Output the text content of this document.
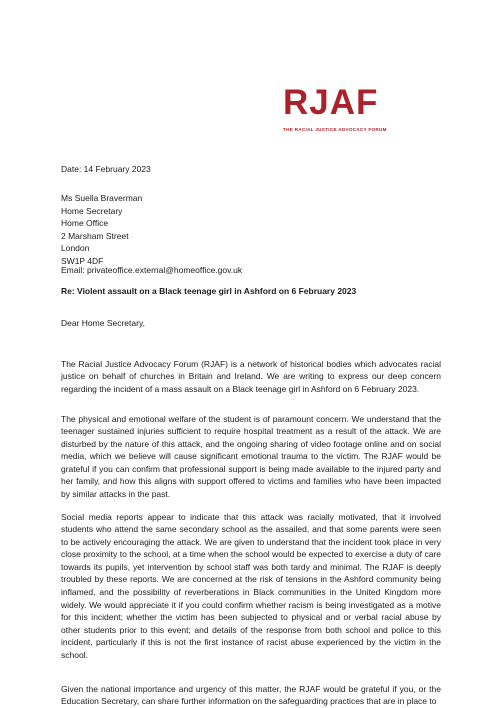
RJAF
THE RACIAL JUSTICE ADVOCACY FORUM
Date: 14 February 2023
Ms Suella Braverman
Home Secretary
Home Office
2 Marsham Street
London
SW1P 4DF
Email: privateoffice.external@homeoffice.gov.uk
Re: Violent assault on a Black teenage girl in Ashford on 6 February 2023
Dear Home Secretary,

The Racial Justice Advocacy Forum (RJAF) is a network of historical bodies which advocates racial justice on behalf of churches in Britain and Ireland. We are writing to express our deep concern regarding the incident of a mass assault on a Black teenage girl in Ashford on 6 February 2023.

The physical and emotional welfare of the student is of paramount concern. We understand that the teenager sustained injuries sufficient to require hospital treatment as a result of the attack. We are disturbed by the nature of this attack, and the ongoing sharing of video footage online and on social media, which we believe will cause significant emotional trauma to the victim. The RJAF would be grateful if you can confirm that professional support is being made available to the injured party and her family, and how this aligns with support offered to victims and families who have been impacted by similar attacks in the past.

Social media reports appear to indicate that this attack was racially motivated, that it involved students who attend the same secondary school as the assailed, and that some parents were seen to be actively encouraging the attack. We are given to understand that the incident took place in very close proximity to the school, at a time when the school would be expected to exercise a duty of care towards its pupils, yet intervention by school staff was both tardy and minimal. The RJAF is deeply troubled by these reports. We are concerned at the risk of tensions in the Ashford community being inflamed, and the possibility of reverberations in Black communities in the United Kingdom more widely. We would appreciate it if you could confirm whether racism is being investigated as a motive for this incident; whether the victim has been subjected to physical and or verbal racial abuse by other students prior to this event; and details of the response from both school and police to this incident, particularly if this is not the first instance of racist abuse experienced by the victim in the school.

Given the national importance and urgency of this matter, the RJAF would be grateful if you, or the Education Secretary, can share further information on the safeguarding practices that are in place to
